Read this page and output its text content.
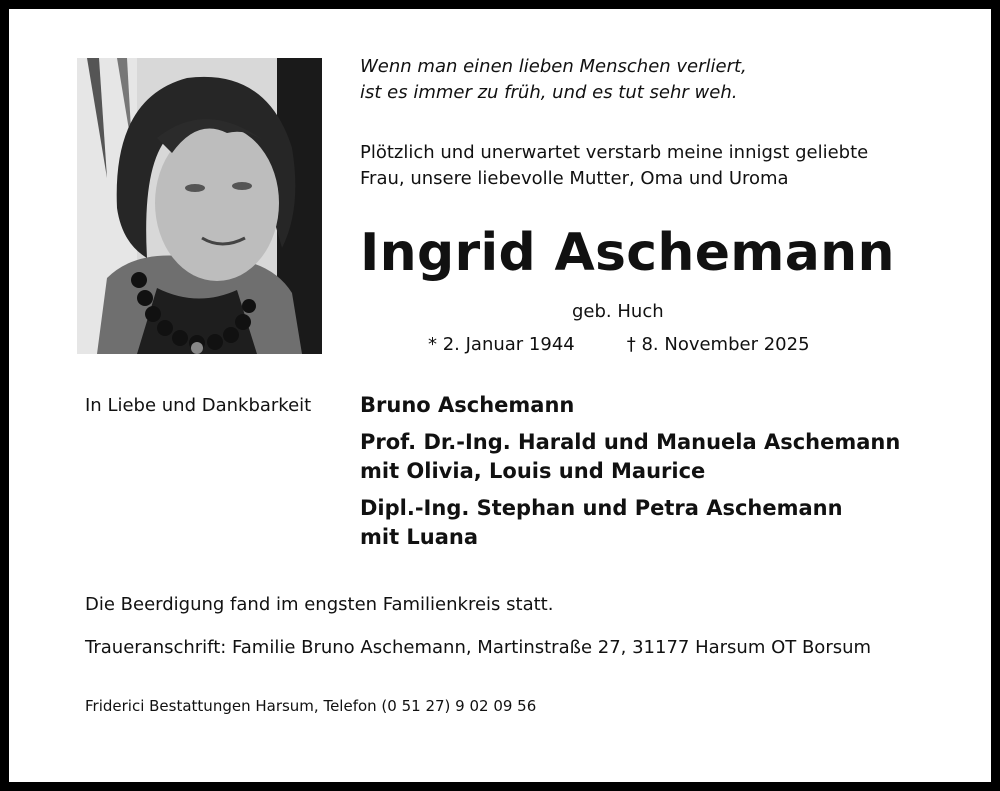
Wenn man einen lieben Menschen verliert,
ist es immer zu früh, und es tut sehr weh.
Plötzlich und unerwartet verstarb meine innigst geliebte
Frau, unsere liebevolle Mutter, Oma und Uroma
Ingrid Aschemann
geb. Huch
* 2. Januar 1944	† 8. November 2025
In Liebe und Dankbarkeit Bruno Aschemann
Prof. Dr.-Ing. Harald und Manuela Aschemann
mit Olivia, Louis und Maurice
Dipl.-Ing. Stephan und Petra Aschemann
mit Luana
Die Beerdigung fand im engsten Familienkreis statt.
Traueranschrift: Familie Bruno Aschemann, Martinstraße 27, 31177 Harsum OT Borsum
Friderici Bestattungen Harsum, Telefon (0 51 27) 9 02 09 56
